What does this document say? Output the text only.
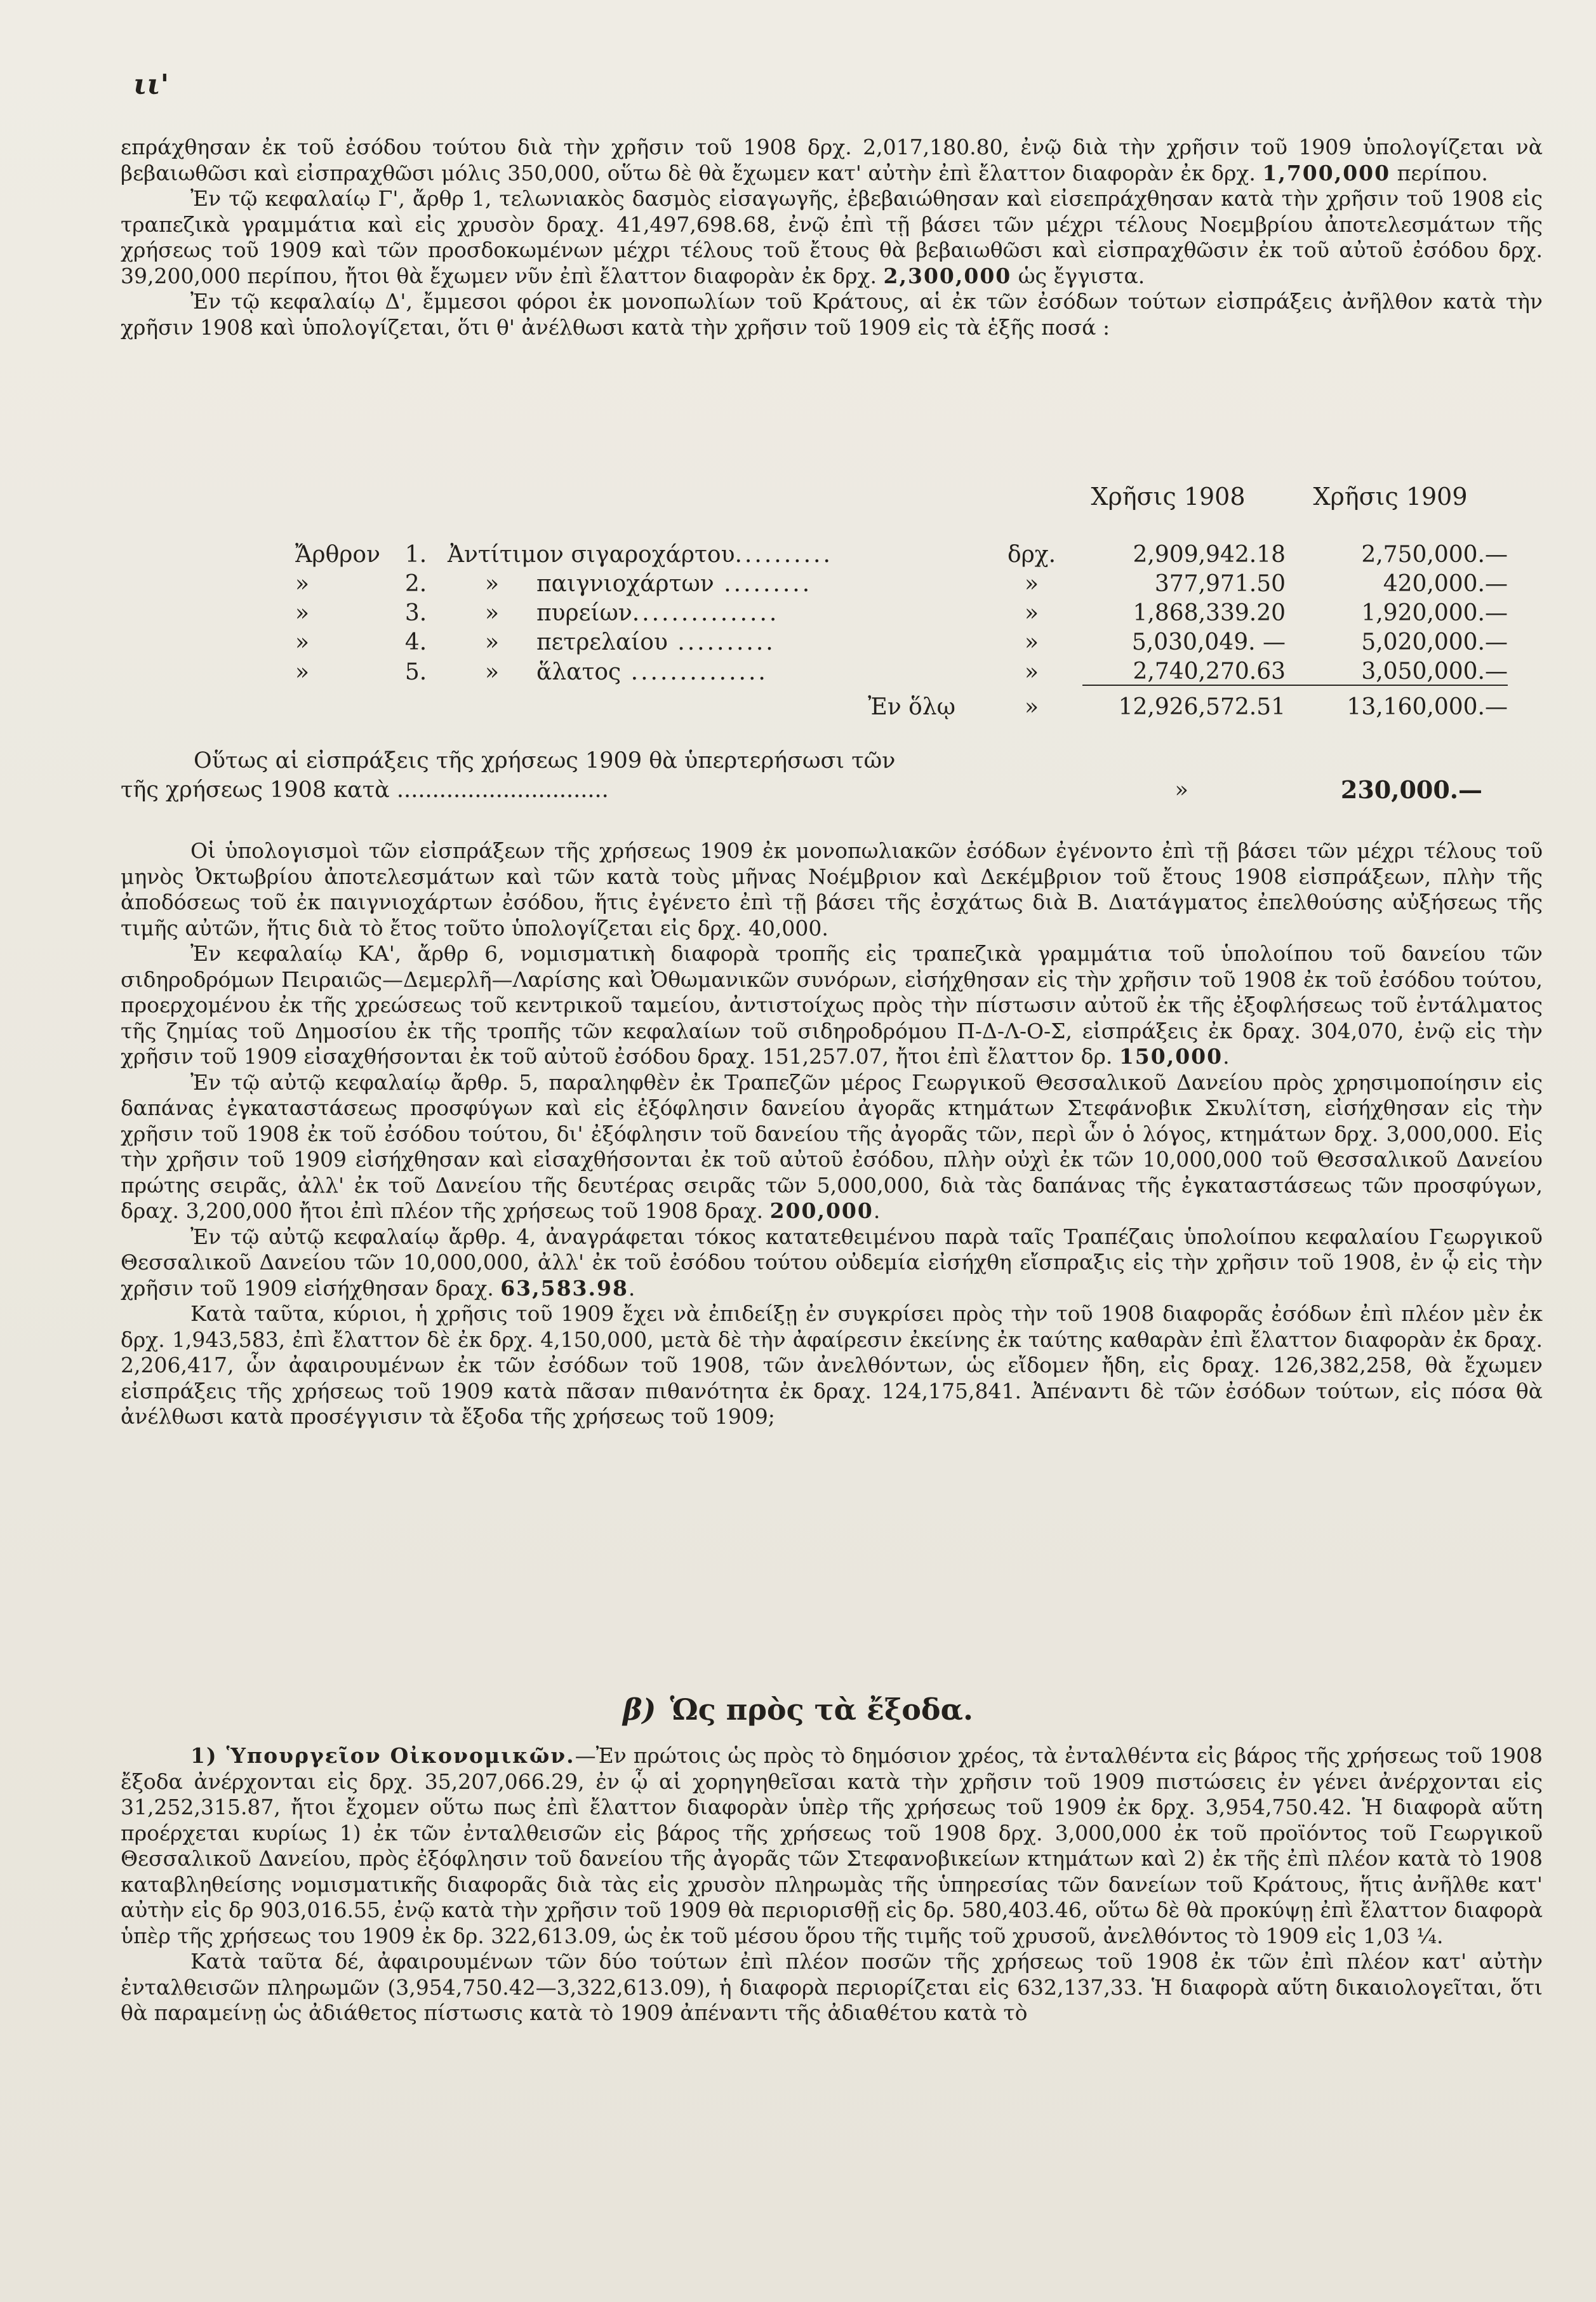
ιι'

επράχθησαν ἐκ τοῦ ἐσόδου τούτου διὰ τὴν χρῆσιν τοῦ 1908 δρχ. 2,017,180.80, ἐνῷ διὰ τὴν χρῆσιν τοῦ 1909 ὑπολογίζεται νὰ βεβαιωθῶσι καὶ εἰσπραχθῶσι μόλις 350,000, οὕτω δὲ θὰ ἔχωμεν κατ' αὐτὴν ἐπὶ ἔλαττον διαφορὰν ἐκ δρχ. 1,700,000 περίπου.

Ἐν τῷ κεφαλαίῳ Γ', ἄρθρ 1, τελωνιακὸς δασμὸς εἰσαγωγῆς, ἐβεβαιώθησαν καὶ εἰσεπράχθησαν κατὰ τὴν χρῆσιν τοῦ 1908 εἰς τραπεζικὰ γραμμάτια καὶ εἰς χρυσὸν δραχ. 41,497,698.68, ἐνῷ ἐπὶ τῇ βάσει τῶν μέχρι τέλους Νοεμβρίου ἀποτελεσμάτων τῆς χρήσεως τοῦ 1909 καὶ τῶν προσδοκωμένων μέχρι τέλους τοῦ ἔτους θὰ βεβαιωθῶσι καὶ εἰσπραχθῶσιν ἐκ τοῦ αὐτοῦ ἐσόδου δρχ. 39,200,000 περίπου, ἤτοι θὰ ἔχωμεν νῦν ἐπὶ ἔλαττον διαφορὰν ἐκ δρχ. 2,300,000 ὡς ἔγγιστα.

Ἐν τῷ κεφαλαίῳ Δ', ἔμμεσοι φόροι ἐκ μονοπωλίων τοῦ Κράτους, αἱ ἐκ τῶν ἐσόδων τούτων εἰσπράξεις ἀνῆλθον κατὰ τὴν χρῆσιν 1908 καὶ ὑπολογίζεται, ὅτι θ' ἀνέλθωσι κατὰ τὴν χρῆσιν τοῦ 1909 εἰς τὰ ἑξῆς ποσά :

Χρῆσις 1908	Χρῆσις 1909
Ἄρθρον	1.	Ἀντίτιμον σιγαροχάρτου..........		δρχ.	2,909,942.18	2,750,000.—
»	2.	»	παιγνιοχάρτων .........	»	377,971.50	420,000.—
»	3.	»	πυρείων...............	»	1,868,339.20	1,920,000.—
»	4.	»	πετρελαίου ..........	»	5,030,049. —	5,020,000.—
»	5.	»	ἅλατος ..............	»	2,740,270.63	3,050,000.—
			Ἐν ὅλῳ	»	12,926,572.51	13,160,000.—
Οὕτως αἱ εἰσπράξεις τῆς χρήσεως 1909 θὰ ὑπερτερήσωσι τῶν
τῆς χρήσεως 1908 κατὰ ..............................	»	230,000.—

Οἱ ὑπολογισμοὶ τῶν εἰσπράξεων τῆς χρήσεως 1909 ἐκ μονοπωλιακῶν ἐσόδων ἐγένοντο ἐπὶ τῇ βάσει τῶν μέχρι τέλους τοῦ μηνὸς Ὀκτωβρίου ἀποτελεσμάτων καὶ τῶν κατὰ τοὺς μῆνας Νοέμβριον καὶ Δεκέμβριον τοῦ ἔτους 1908 εἰσπράξεων, πλὴν τῆς ἀποδόσεως τοῦ ἐκ παιγνιοχάρτων ἐσόδου, ἥτις ἐγένετο ἐπὶ τῇ βάσει τῆς ἐσχάτως διὰ Β. Διατάγματος ἐπελθούσης αὐξήσεως τῆς τιμῆς αὐτῶν, ἥτις διὰ τὸ ἔτος τοῦτο ὑπολογίζεται εἰς δρχ. 40,000.

Ἐν κεφαλαίῳ ΚΑ', ἄρθρ 6, νομισματικὴ διαφορὰ τροπῆς εἰς τραπεζικὰ γραμμάτια τοῦ ὑπολοίπου τοῦ δανείου τῶν σιδηροδρόμων Πειραιῶς—Δεμερλῆ—Λαρίσης καὶ Ὀθωμανικῶν συνόρων, εἰσήχθησαν εἰς τὴν χρῆσιν τοῦ 1908 ἐκ τοῦ ἐσόδου τούτου, προερχομένου ἐκ τῆς χρεώσεως τοῦ κεντρικοῦ ταμείου, ἀντιστοίχως πρὸς τὴν πίστωσιν αὐτοῦ ἐκ τῆς ἐξοφλήσεως τοῦ ἐντάλματος τῆς ζημίας τοῦ Δημοσίου ἐκ τῆς τροπῆς τῶν κεφαλαίων τοῦ σιδηροδρόμου Π-Δ-Λ-Ο-Σ, εἰσπράξεις ἐκ δραχ. 304,070, ἐνῷ εἰς τὴν χρῆσιν τοῦ 1909 εἰσαχθήσονται ἐκ τοῦ αὐτοῦ ἐσόδου δραχ. 151,257.07, ἤτοι ἐπὶ ἔλαττον δρ. 150,000.

Ἐν τῷ αὐτῷ κεφαλαίῳ ἄρθρ. 5, παραληφθὲν ἐκ Τραπεζῶν μέρος Γεωργικοῦ Θεσσαλικοῦ Δανείου πρὸς χρησιμοποίησιν εἰς δαπάνας ἐγκαταστάσεως προσφύγων καὶ εἰς ἐξόφλησιν δανείου ἀγορᾶς κτημάτων Στεφάνοβικ Σκυλίτση, εἰσήχθησαν εἰς τὴν χρῆσιν τοῦ 1908 ἐκ τοῦ ἐσόδου τούτου, δι' ἐξόφλησιν τοῦ δανείου τῆς ἀγορᾶς τῶν, περὶ ὧν ὁ λόγος, κτημάτων δρχ. 3,000,000. Εἰς τὴν χρῆσιν τοῦ 1909 εἰσήχθησαν καὶ εἰσαχθήσονται ἐκ τοῦ αὐτοῦ ἐσόδου, πλὴν οὐχὶ ἐκ τῶν 10,000,000 τοῦ Θεσσαλικοῦ Δανείου πρώτης σειρᾶς, ἀλλ' ἐκ τοῦ Δανείου τῆς δευτέρας σειρᾶς τῶν 5,000,000, διὰ τὰς δαπάνας τῆς ἐγκαταστάσεως τῶν προσφύγων, δραχ. 3,200,000 ἤτοι ἐπὶ πλέον τῆς χρήσεως τοῦ 1908 δραχ. 200,000.

Ἐν τῷ αὐτῷ κεφαλαίῳ ἄρθρ. 4, ἀναγράφεται τόκος κατατεθειμένου παρὰ ταῖς Τραπέζαις ὑπολοίπου κεφαλαίου Γεωργικοῦ Θεσσαλικοῦ Δανείου τῶν 10,000,000, ἀλλ' ἐκ τοῦ ἐσόδου τούτου οὐδεμία εἰσήχθη εἴσπραξις εἰς τὴν χρῆσιν τοῦ 1908, ἐν ᾧ εἰς τὴν χρῆσιν τοῦ 1909 εἰσήχθησαν δραχ. 63,583.98.

Κατὰ ταῦτα, κύριοι, ἡ χρῆσις τοῦ 1909 ἔχει νὰ ἐπιδείξῃ ἐν συγκρίσει πρὸς τὴν τοῦ 1908 διαφορᾶς ἐσόδων ἐπὶ πλέον μὲν ἐκ δρχ. 1,943,583, ἐπὶ ἔλαττον δὲ ἐκ δρχ. 4,150,000, μετὰ δὲ τὴν ἀφαίρεσιν ἐκείνης ἐκ ταύτης καθαρὰν ἐπὶ ἔλαττον διαφορὰν ἐκ δραχ. 2,206,417, ὧν ἀφαιρουμένων ἐκ τῶν ἐσόδων τοῦ 1908, τῶν ἀνελθόντων, ὡς εἴδομεν ἤδη, εἰς δραχ. 126,382,258, θὰ ἔχωμεν εἰσπράξεις τῆς χρήσεως τοῦ 1909 κατὰ πᾶσαν πιθανότητα ἐκ δραχ. 124,175,841. Ἀπέναντι δὲ τῶν ἐσόδων τούτων, εἰς πόσα θὰ ἀνέλθωσι κατὰ προσέγγισιν τὰ ἔξοδα τῆς χρήσεως τοῦ 1909;

β) Ὡς πρὸς τὰ ἔξοδα.

1) Ὑπουργεῖον Οἰκονομικῶν.—Ἐν πρώτοις ὡς πρὸς τὸ δημόσιον χρέος, τὰ ἐνταλθέντα εἰς βάρος τῆς χρήσεως τοῦ 1908 ἔξοδα ἀνέρχονται εἰς δρχ. 35,207,066.29, ἐν ᾧ αἱ χορηγηθεῖσαι κατὰ τὴν χρῆσιν τοῦ 1909 πιστώσεις ἐν γένει ἀνέρχονται εἰς 31,252,315.87, ἤτοι ἔχομεν οὕτω πως ἐπὶ ἔλαττον διαφορὰν ὑπὲρ τῆς χρήσεως τοῦ 1909 ἐκ δρχ. 3,954,750.42. Ἡ διαφορὰ αὕτη προέρχεται κυρίως 1) ἐκ τῶν ἐνταλθεισῶν εἰς βάρος τῆς χρήσεως τοῦ 1908 δρχ. 3,000,000 ἐκ τοῦ προϊόντος τοῦ Γεωργικοῦ Θεσσαλικοῦ Δανείου, πρὸς ἐξόφλησιν τοῦ δανείου τῆς ἀγορᾶς τῶν Στεφανοβικείων κτημάτων καὶ 2) ἐκ τῆς ἐπὶ πλέον κατὰ τὸ 1908 καταβληθείσης νομισματικῆς διαφορᾶς διὰ τὰς εἰς χρυσὸν πληρωμὰς τῆς ὑπηρεσίας τῶν δανείων τοῦ Κράτους, ἥτις ἀνῆλθε κατ' αὐτὴν εἰς δρ 903,016.55, ἐνῷ κατὰ τὴν χρῆσιν τοῦ 1909 θὰ περιορισθῇ εἰς δρ. 580,403.46, οὕτω δὲ θὰ προκύψῃ ἐπὶ ἔλαττον διαφορὰ ὑπὲρ τῆς χρήσεως του 1909 ἐκ δρ. 322,613.09, ὡς ἐκ τοῦ μέσου ὅρου τῆς τιμῆς τοῦ χρυσοῦ, ἀνελθόντος τὸ 1909 εἰς 1,03 ¼.

Κατὰ ταῦτα δέ, ἀφαιρουμένων τῶν δύο τούτων ἐπὶ πλέον ποσῶν τῆς χρήσεως τοῦ 1908 ἐκ τῶν ἐπὶ πλέον κατ' αὐτὴν ἐνταλθεισῶν πληρωμῶν (3,954,750.42—3,322,613.09), ἡ διαφορὰ περιορίζεται εἰς 632,137,33. Ἡ διαφορὰ αὕτη δικαιολογεῖται, ὅτι θὰ παραμείνῃ ὡς ἀδιάθετος πίστωσις κατὰ τὸ 1909 ἀπέναντι τῆς ἀδιαθέτου κατὰ τὸ
